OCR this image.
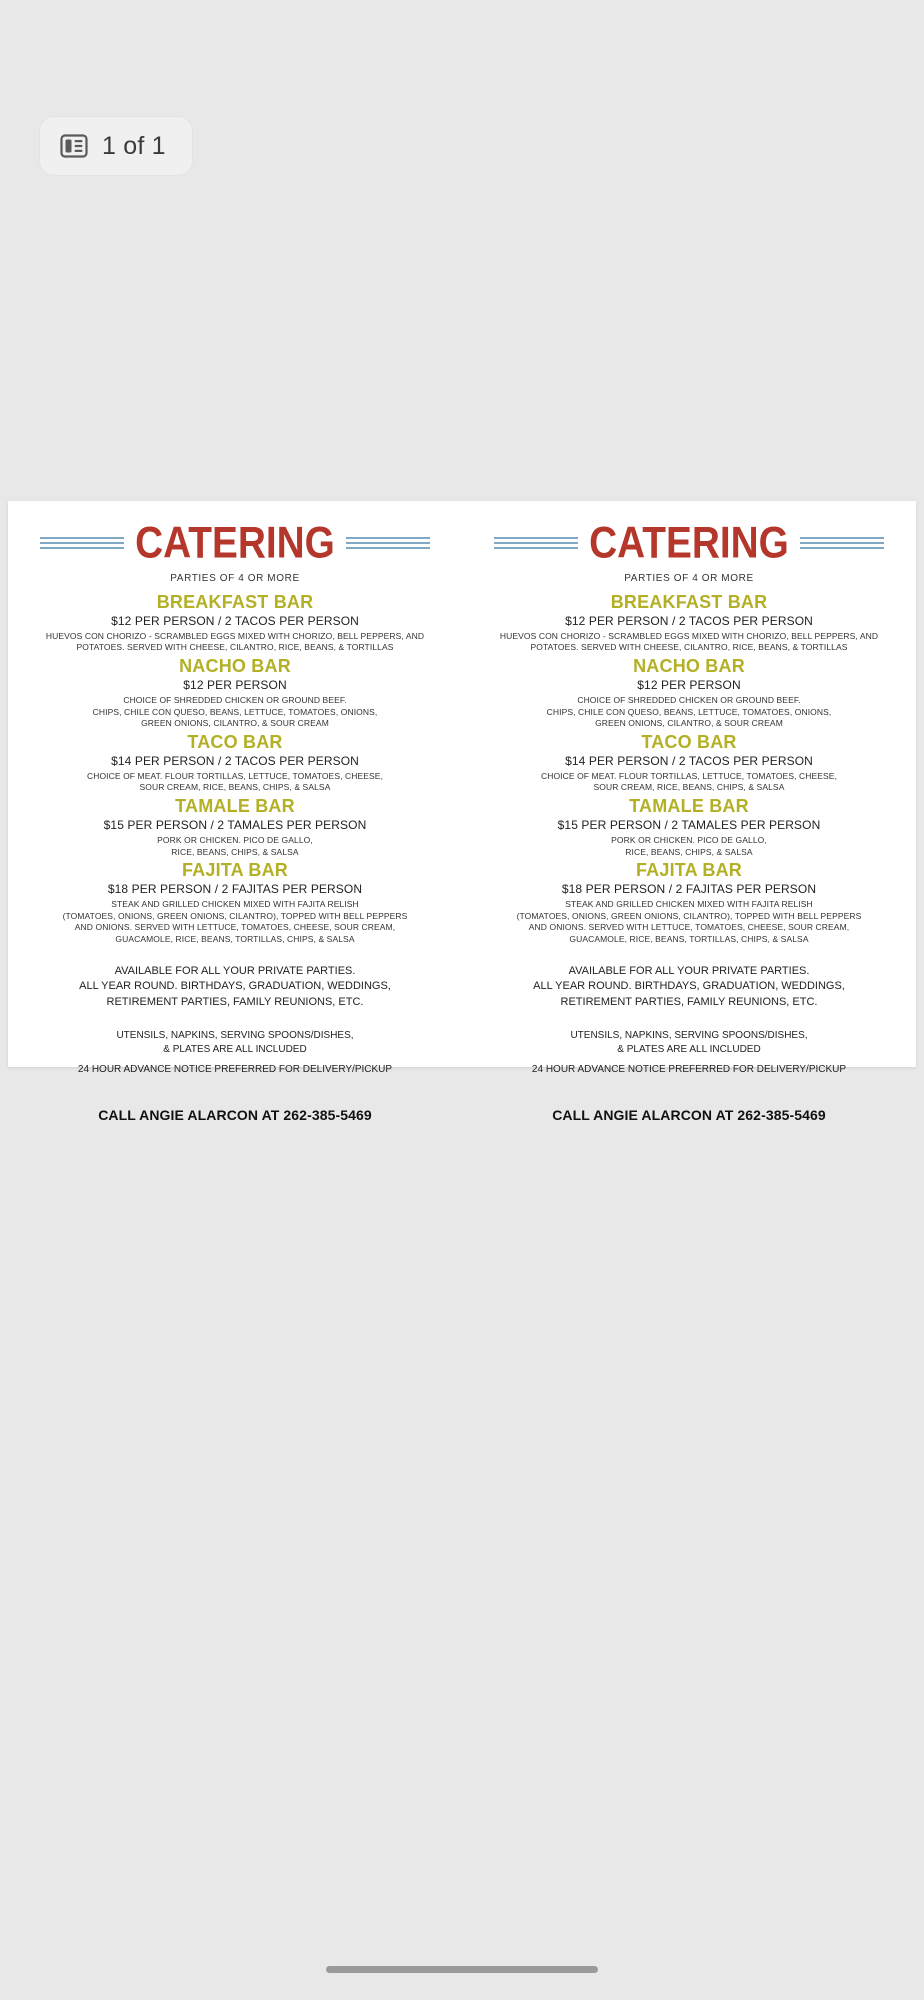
1 of 1
CATERING
PARTIES OF 4 OR MORE
BREAKFAST BAR
$12 PER PERSON / 2 TACOS PER PERSON
HUEVOS CON CHORIZO - SCRAMBLED EGGS MIXED WITH CHORIZO, BELL PEPPERS, AND POTATOES. SERVED WITH CHEESE, CILANTRO, RICE, BEANS, & TORTILLAS
NACHO BAR
$12 PER PERSON
CHOICE OF SHREDDED CHICKEN OR GROUND BEEF.
CHIPS, CHILE CON QUESO, BEANS, LETTUCE, TOMATOES, ONIONS,
GREEN ONIONS, CILANTRO, & SOUR CREAM
TACO BAR
$14 PER PERSON / 2 TACOS PER PERSON
CHOICE OF MEAT. FLOUR TORTILLAS, LETTUCE, TOMATOES, CHEESE,
SOUR CREAM, RICE, BEANS, CHIPS, & SALSA
TAMALE BAR
$15 PER PERSON / 2 TAMALES PER PERSON
PORK OR CHICKEN. PICO DE GALLO,
RICE, BEANS, CHIPS, & SALSA
FAJITA BAR
$18 PER PERSON / 2 FAJITAS PER PERSON
STEAK AND GRILLED CHICKEN MIXED WITH FAJITA RELISH
(TOMATOES, ONIONS, GREEN ONIONS, CILANTRO), TOPPED WITH BELL PEPPERS
AND ONIONS. SERVED WITH LETTUCE, TOMATOES, CHEESE, SOUR CREAM,
GUACAMOLE, RICE, BEANS, TORTILLAS, CHIPS, & SALSA
AVAILABLE FOR ALL YOUR PRIVATE PARTIES.
ALL YEAR ROUND. BIRTHDAYS, GRADUATION, WEDDINGS,
RETIREMENT PARTIES, FAMILY REUNIONS, ETC.
UTENSILS, NAPKINS, SERVING SPOONS/DISHES,
& PLATES ARE ALL INCLUDED
24 HOUR ADVANCE NOTICE PREFERRED FOR DELIVERY/PICKUP
CALL ANGIE ALARCON AT 262-385-5469
CATERING
PARTIES OF 4 OR MORE
BREAKFAST BAR
$12 PER PERSON / 2 TACOS PER PERSON
HUEVOS CON CHORIZO - SCRAMBLED EGGS MIXED WITH CHORIZO, BELL PEPPERS, AND POTATOES. SERVED WITH CHEESE, CILANTRO, RICE, BEANS, & TORTILLAS
NACHO BAR
$12 PER PERSON
CHOICE OF SHREDDED CHICKEN OR GROUND BEEF.
CHIPS, CHILE CON QUESO, BEANS, LETTUCE, TOMATOES, ONIONS,
GREEN ONIONS, CILANTRO, & SOUR CREAM
TACO BAR
$14 PER PERSON / 2 TACOS PER PERSON
CHOICE OF MEAT. FLOUR TORTILLAS, LETTUCE, TOMATOES, CHEESE,
SOUR CREAM, RICE, BEANS, CHIPS, & SALSA
TAMALE BAR
$15 PER PERSON / 2 TAMALES PER PERSON
PORK OR CHICKEN. PICO DE GALLO,
RICE, BEANS, CHIPS, & SALSA
FAJITA BAR
$18 PER PERSON / 2 FAJITAS PER PERSON
STEAK AND GRILLED CHICKEN MIXED WITH FAJITA RELISH
(TOMATOES, ONIONS, GREEN ONIONS, CILANTRO), TOPPED WITH BELL PEPPERS
AND ONIONS. SERVED WITH LETTUCE, TOMATOES, CHEESE, SOUR CREAM,
GUACAMOLE, RICE, BEANS, TORTILLAS, CHIPS, & SALSA
AVAILABLE FOR ALL YOUR PRIVATE PARTIES.
ALL YEAR ROUND. BIRTHDAYS, GRADUATION, WEDDINGS,
RETIREMENT PARTIES, FAMILY REUNIONS, ETC.
UTENSILS, NAPKINS, SERVING SPOONS/DISHES,
& PLATES ARE ALL INCLUDED
24 HOUR ADVANCE NOTICE PREFERRED FOR DELIVERY/PICKUP
CALL ANGIE ALARCON AT 262-385-5469
